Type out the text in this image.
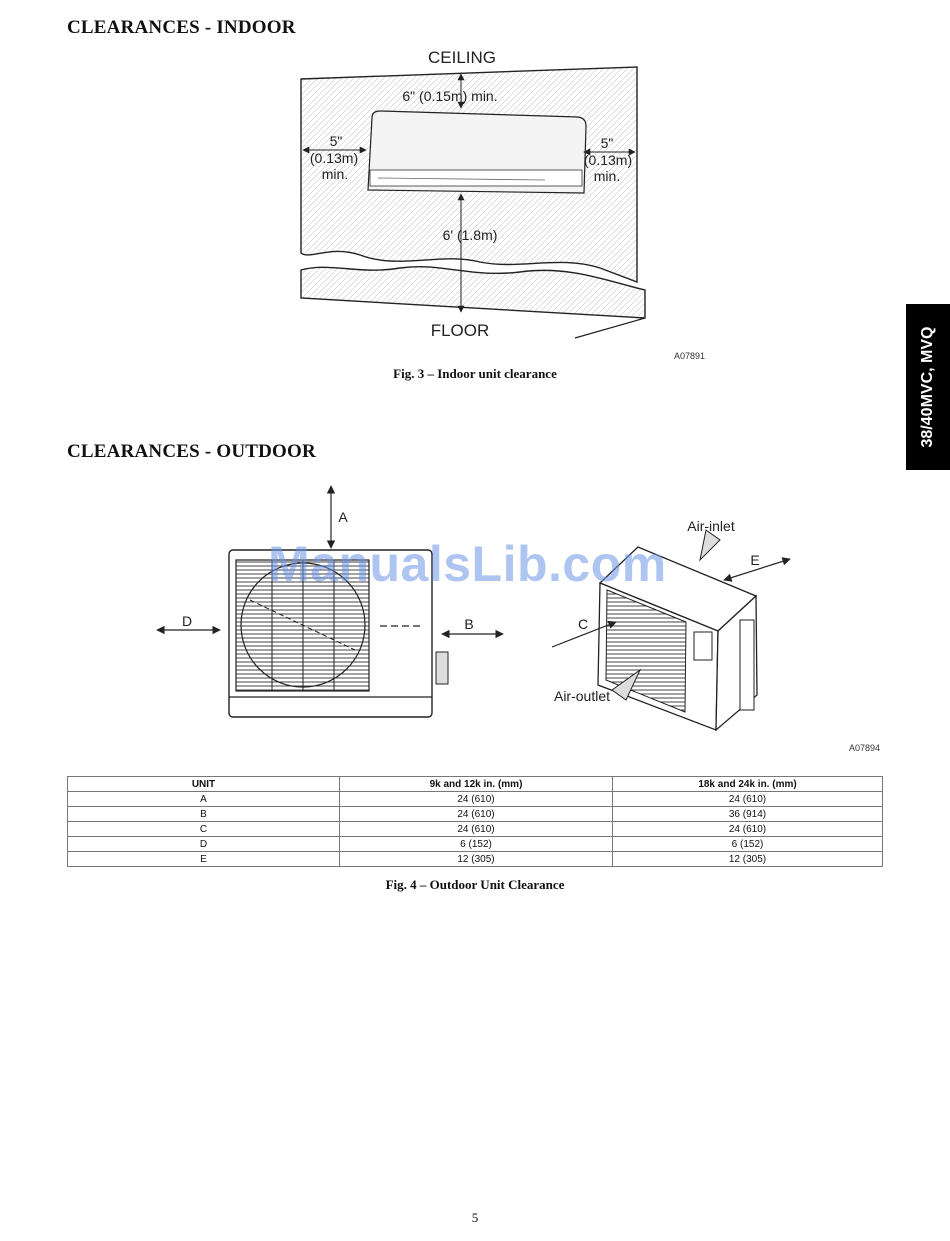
CLEARANCES - INDOOR
CLEARANCES - OUTDOOR
38/40MVC, MVQ
CEILING
6" (0.15m) min.
5"
(0.13m)
min.
5"
(0.13m)
min.
6' (1.8m)
FLOOR
A07891
Fig. 3 – Indoor unit clearance
A
D	B	C
E
Air-inlet
Air-outlet
ManualsLib.com
A07894
UNIT	9k and 12k in. (mm)	18k and 24k in. (mm)
A	24 (610)	24 (610)
B	24 (610)	36 (914)
C	24 (610)	24 (610)
D	6 (152)	6 (152)
E	12 (305)	12 (305)
Fig. 4 – Outdoor Unit Clearance
5
